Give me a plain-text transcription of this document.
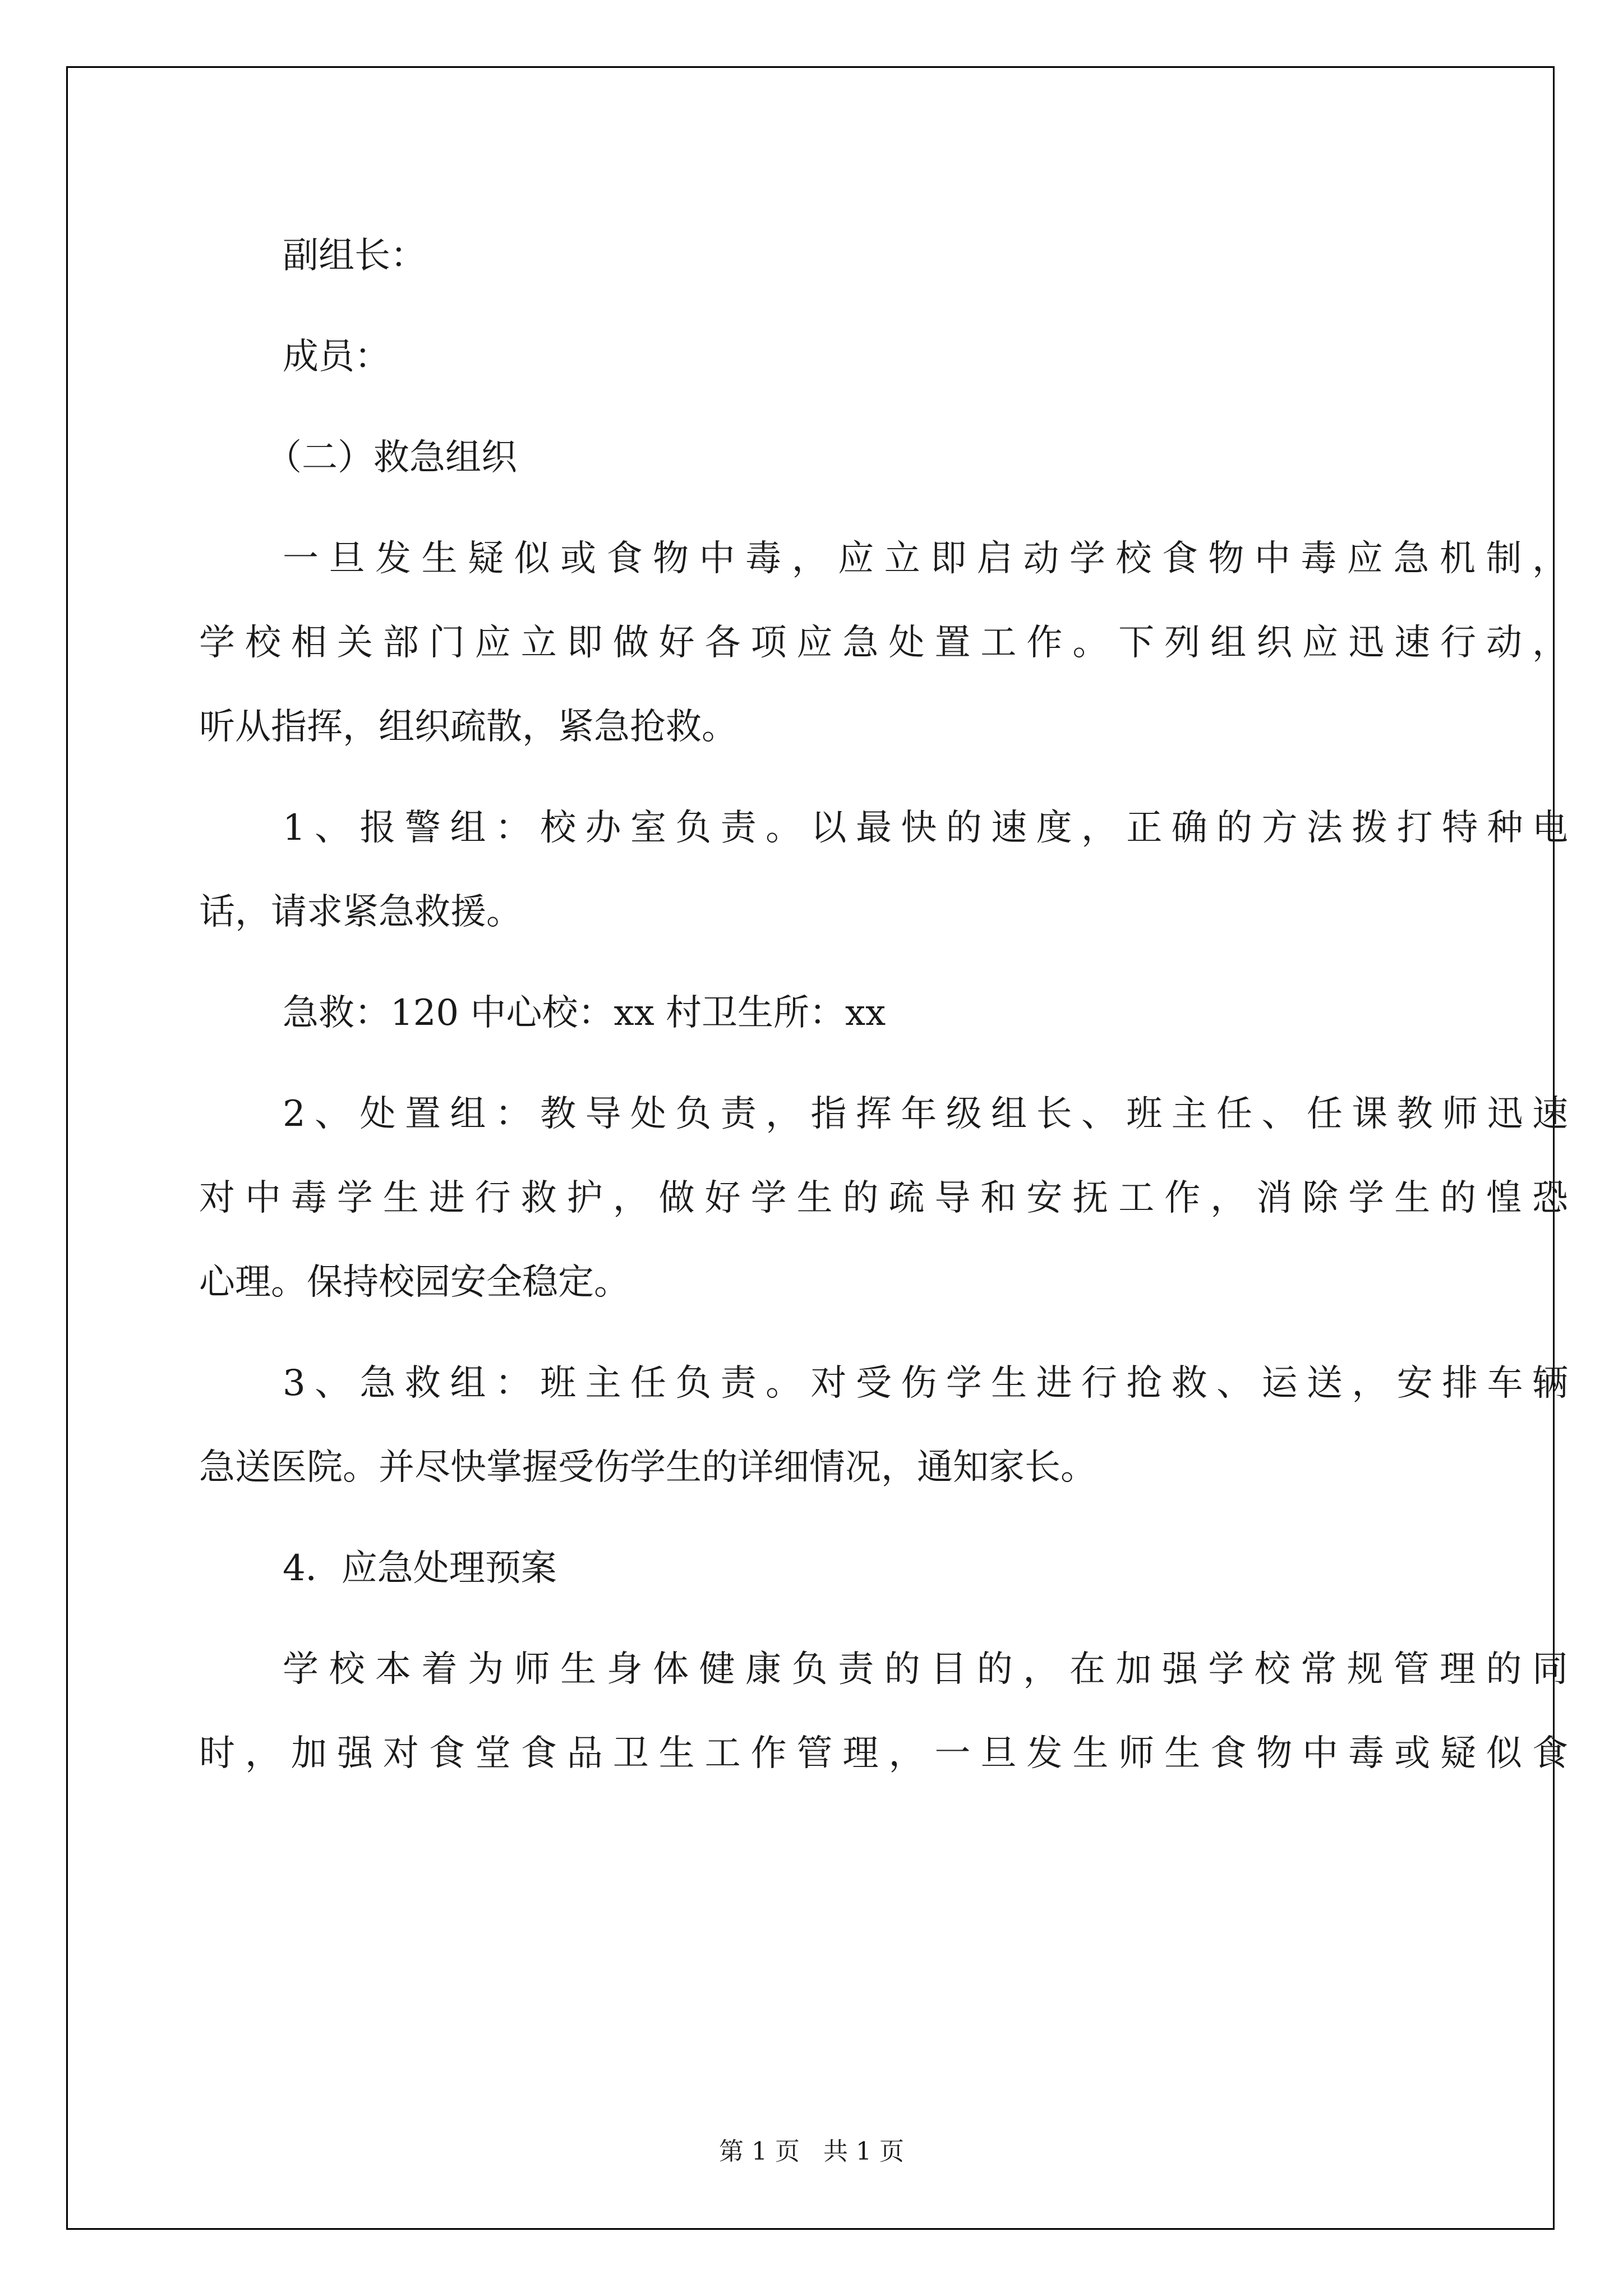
副组长：
成员：
（二）救急组织
一旦发生疑似或食物中毒，应立即启动学校食物中毒应急机制，
学校相关部门应立即做好各项应急处置工作。下列组织应迅速行动，
听从指挥，组织疏散，紧急抢救。
1、报警组：校办室负责。以最快的速度，正确的方法拨打特种电
话，请求紧急救援。
急救：120 中心校：xx 村卫生所：xx
2、处置组：教导处负责，指挥年级组长、班主任、任课教师迅速
对中毒学生进行救护，做好学生的疏导和安抚工作，消除学生的惶恐
心理。保持校园安全稳定。
3、急救组：班主任负责。对受伤学生进行抢救、运送，安排车辆
急送医院。并尽快掌握受伤学生的详细情况，通知家长。
4．应急处理预案
学校本着为师生身体健康负责的目的，在加强学校常规管理的同
时，加强对食堂食品卫生工作管理，一旦发生师生食物中毒或疑似食
第 1 页   共 1 页
